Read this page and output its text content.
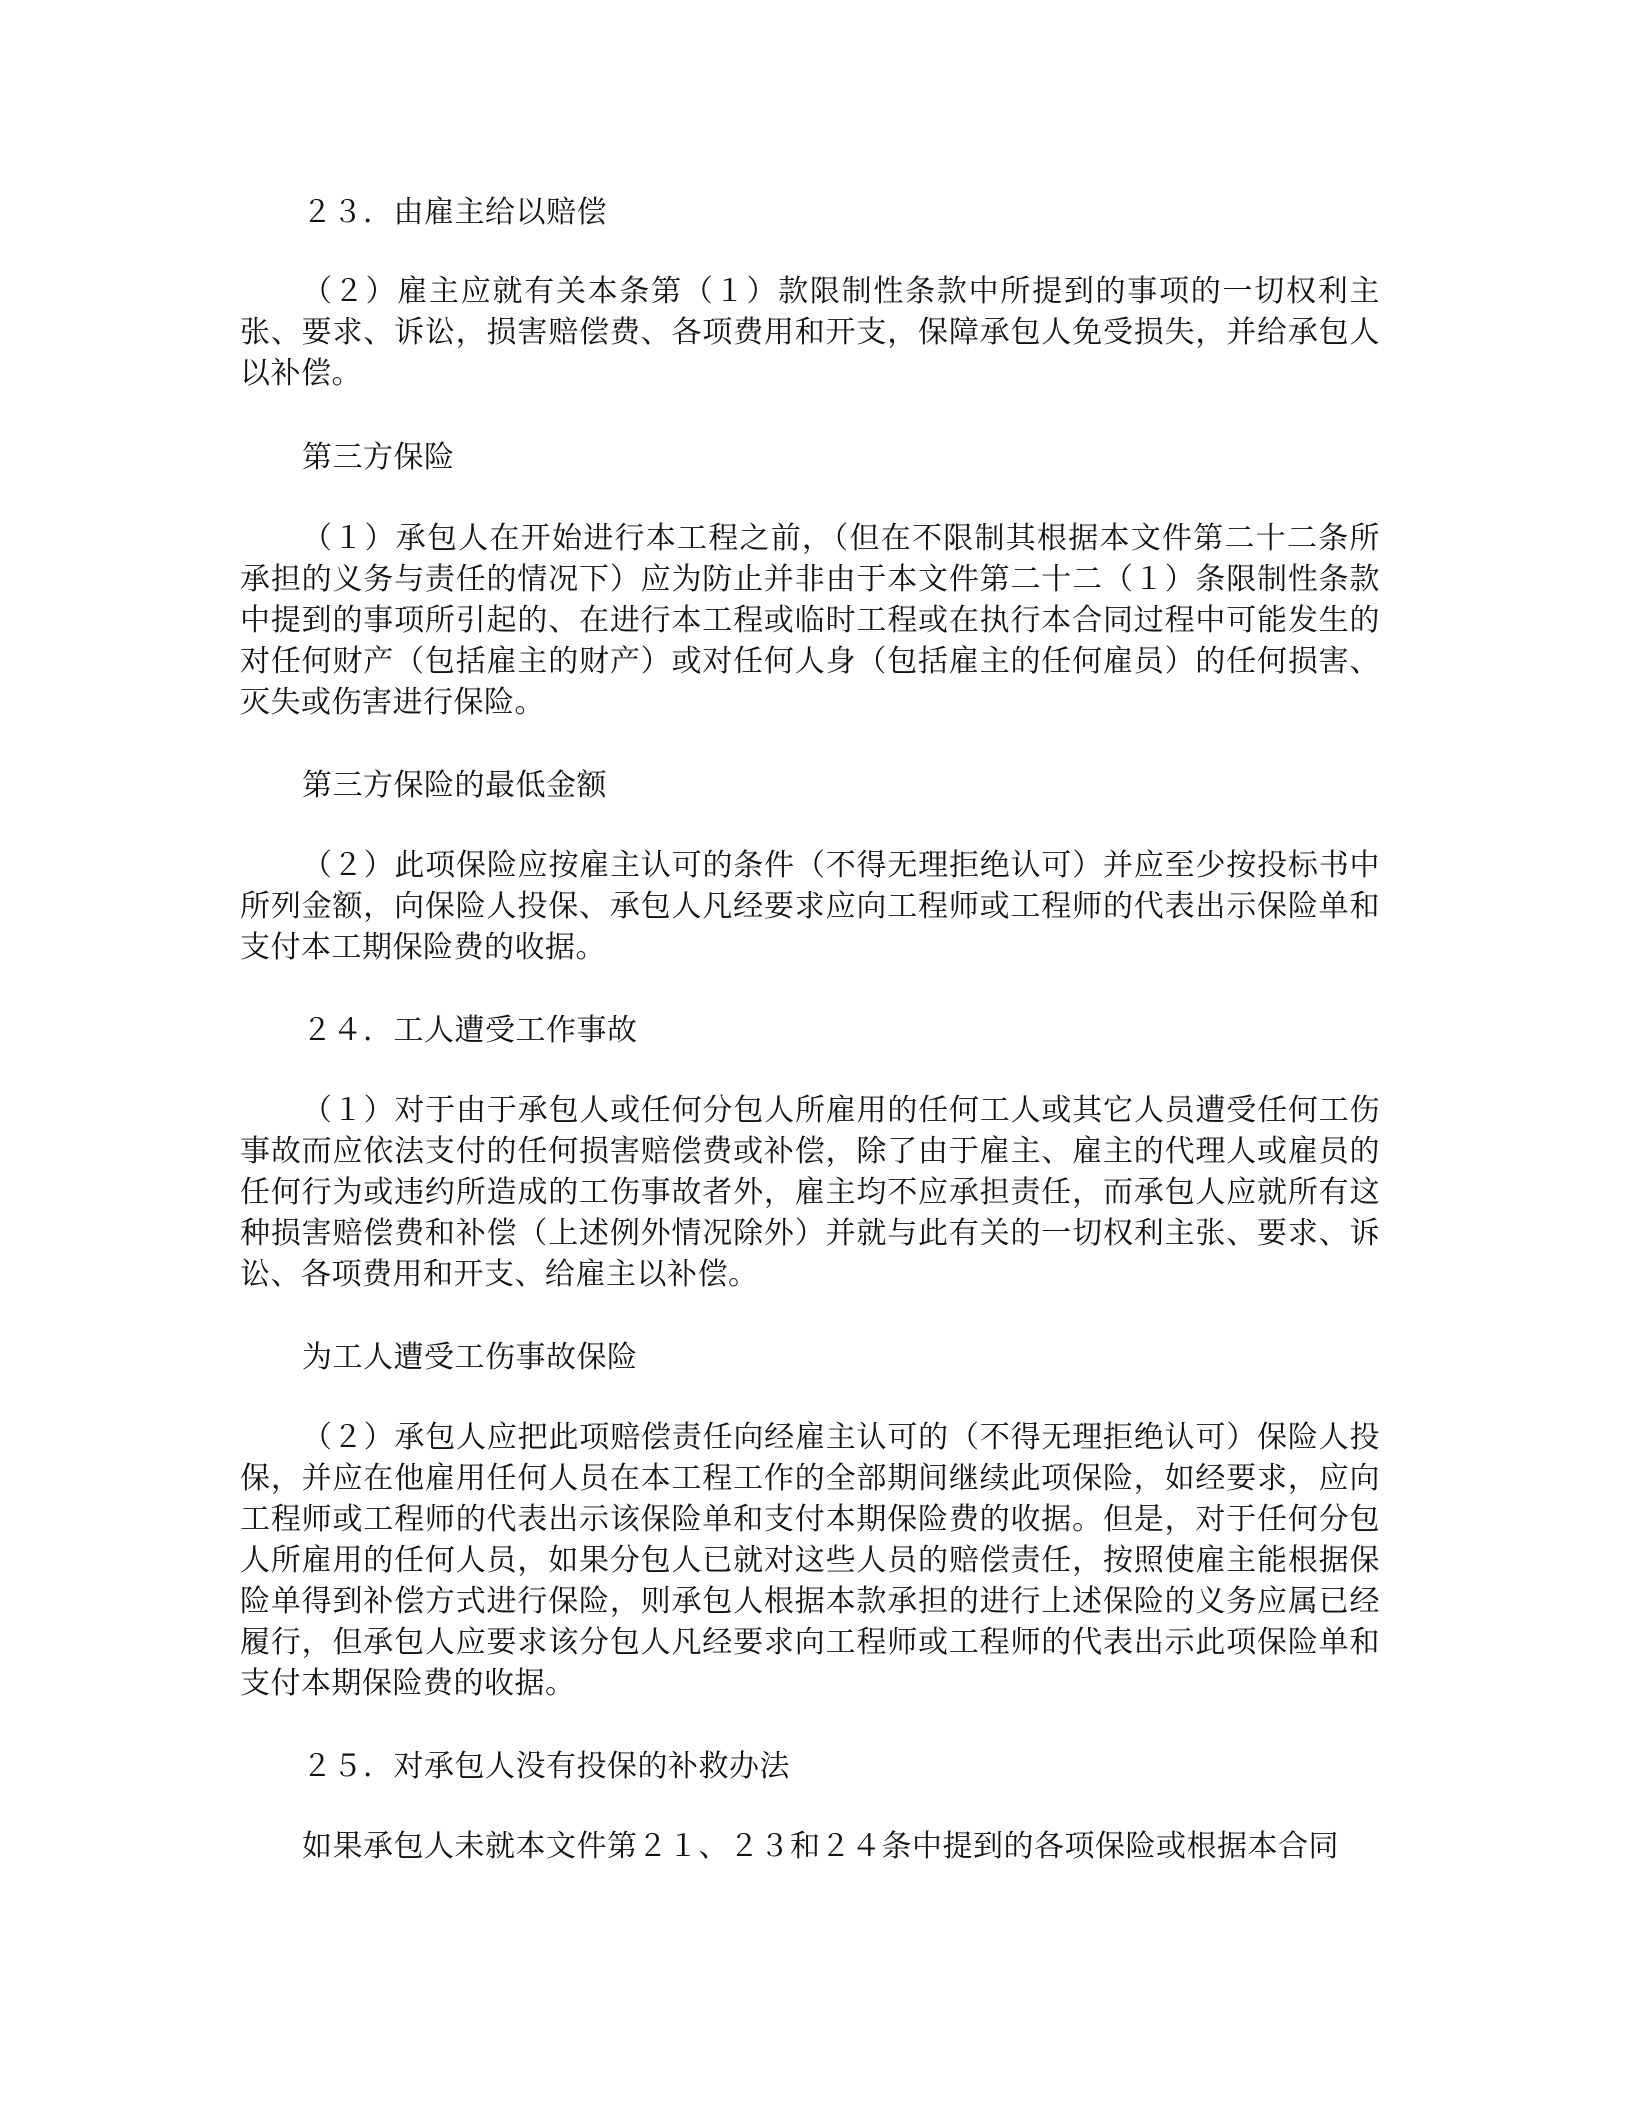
２３．由雇主给以赔偿

（２）雇主应就有关本条第（１）款限制性条款中所提到的事项的一切权利主张、要求、诉讼，损害赔偿费、各项费用和开支，保障承包人免受损失，并给承包人以补偿。

第三方保险

（１）承包人在开始进行本工程之前，（但在不限制其根据本文件第二十二条所承担的义务与责任的情况下）应为防止并非由于本文件第二十二（１）条限制性条款中提到的事项所引起的、在进行本工程或临时工程或在执行本合同过程中可能发生的对任何财产（包括雇主的财产）或对任何人身（包括雇主的任何雇员）的任何损害、灭失或伤害进行保险。

第三方保险的最低金额

（２）此项保险应按雇主认可的条件（不得无理拒绝认可）并应至少按投标书中所列金额，向保险人投保、承包人凡经要求应向工程师或工程师的代表出示保险单和支付本工期保险费的收据。

２４．工人遭受工作事故

（１）对于由于承包人或任何分包人所雇用的任何工人或其它人员遭受任何工伤事故而应依法支付的任何损害赔偿费或补偿，除了由于雇主、雇主的代理人或雇员的任何行为或违约所造成的工伤事故者外，雇主均不应承担责任，而承包人应就所有这种损害赔偿费和补偿（上述例外情况除外）并就与此有关的一切权利主张、要求、诉讼、各项费用和开支、给雇主以补偿。

为工人遭受工伤事故保险

（２）承包人应把此项赔偿责任向经雇主认可的（不得无理拒绝认可）保险人投保，并应在他雇用任何人员在本工程工作的全部期间继续此项保险，如经要求，应向工程师或工程师的代表出示该保险单和支付本期保险费的收据。但是，对于任何分包人所雇用的任何人员，如果分包人已就对这些人员的赔偿责任，按照使雇主能根据保险单得到补偿方式进行保险，则承包人根据本款承担的进行上述保险的义务应属已经履行，但承包人应要求该分包人凡经要求向工程师或工程师的代表出示此项保险单和支付本期保险费的收据。

２５．对承包人没有投保的补救办法

如果承包人未就本文件第２１、２３和２４条中提到的各项保险或根据本合同
